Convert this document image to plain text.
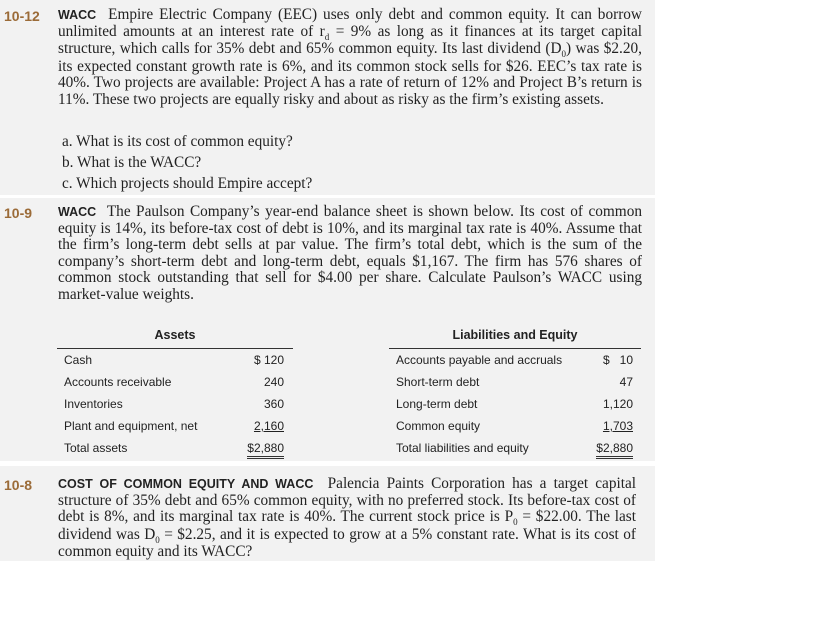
10-12 WACC Empire Electric Company (EEC) uses only debt and common equity. It can borrow unlimited amounts at an interest rate of $r_d = 9\%$ as long as it finances at its target capital structure, which calls for 35% debt and 65% common equity. Its last dividend $(D_0)$ was $2.20, its expected constant growth rate is 6%, and its common stock sells for $26. EEC’s tax rate is 40%. Two projects are available: Project A has a rate of return of 12% and Project B’s return is 11%. These two projects are equally risky and about as risky as the firm’s existing assets.
a. What is its cost of common equity?
b. What is the WACC?
c. Which projects should Empire accept?
10-9 WACC The Paulson Company’s year-end balance sheet is shown below. Its cost of common equity is 14%, its before-tax cost of debt is 10%, and its marginal tax rate is 40%. Assume that the firm’s long-term debt sells at par value. The firm’s total debt, which is the sum of the company’s short-term debt and long-term debt, equals $1,167. The firm has 576 shares of common stock outstanding that sell for $4.00 per share. Calculate Paulson’s WACC using market-value weights.
Assets
Cash	$ 120
Accounts receivable	240
Inventories	360
Plant and equipment, net	2,160
Total assets	$2,880
Liabilities and Equity
Accounts payable and accruals	$   10
Short-term debt	47
Long-term debt	1,120
Common equity	1,703
Total liabilities and equity	$2,880
10-8 COST OF COMMON EQUITY AND WACC Palencia Paints Corporation has a target capital structure of 35% debt and 65% common equity, with no preferred stock. Its before-tax cost of debt is 8%, and its marginal tax rate is 40%. The current stock price is $P_0$ = $22.00. The last dividend was $D_0$ = $2.25, and it is expected to grow at a 5% constant rate. What is its cost of common equity and its WACC?
